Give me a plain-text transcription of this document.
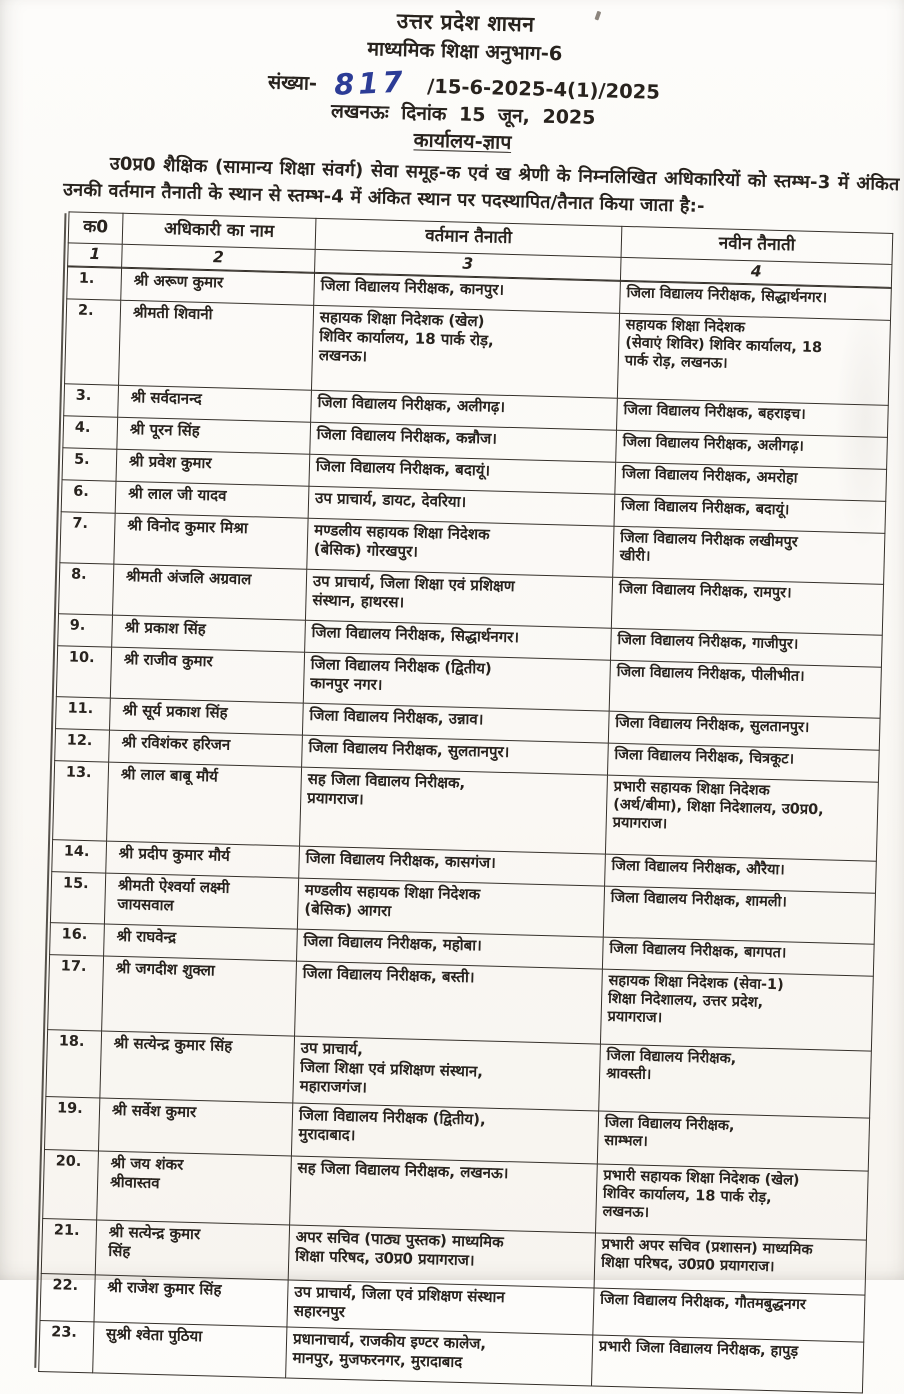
उत्तर प्रदेश शासन
माध्यमिक शिक्षा अनुभाग-6
संख्या- 817 /15-6-2025-4(1)/2025
लखनऊः दिनांक 15 जून, 2025
कार्यालय-ज्ञाप

उ0प्र0 शैक्षिक (सामान्य शिक्षा संवर्ग) सेवा समूह-क एवं ख श्रेणी के निम्नलिखित अधिकारियों को स्तम्भ-3 में अंकित उनकी वर्तमान तैनाती के स्थान से स्तम्भ-4 में अंकित स्थान पर पदस्थापित/तैनात किया जाता है:-

क0	अधिकारी का नाम	वर्तमान तैनाती	नवीन तैनाती
1	2	3	4
1.	श्री अरूण कुमार	जिला विद्यालय निरीक्षक, कानपुर।	जिला विद्यालय निरीक्षक, सिद्धार्थनगर।
2.	श्रीमती शिवानी	सहायक शिक्षा निदेशक (खेल)
शिविर कार्यालय, 18 पार्क रोड़,
लखनऊ।	सहायक शिक्षा निदेशक
(सेवाएं शिविर) शिविर कार्यालय, 18
पार्क रोड़, लखनऊ।
3.	श्री सर्वदानन्द	जिला विद्यालय निरीक्षक, अलीगढ़।	जिला विद्यालय निरीक्षक, बहराइच।
4.	श्री पूरन सिंह	जिला विद्यालय निरीक्षक, कन्नौज।	जिला विद्यालय निरीक्षक, अलीगढ़।
5.	श्री प्रवेश कुमार	जिला विद्यालय निरीक्षक, बदायूं।	जिला विद्यालय निरीक्षक, अमरोहा
6.	श्री लाल जी यादव	उप प्राचार्य, डायट, देवरिया।	जिला विद्यालय निरीक्षक, बदायूं।
7.	श्री विनोद कुमार मिश्रा	मण्डलीय सहायक शिक्षा निदेशक
(बेसिक) गोरखपुर।	जिला विद्यालय निरीक्षक लखीमपुर
खीरी।
8.	श्रीमती अंजलि अग्रवाल	उप प्राचार्य, जिला शिक्षा एवं प्रशिक्षण
संस्थान, हाथरस।	जिला विद्यालय निरीक्षक, रामपुर।
9.	श्री प्रकाश सिंह	जिला विद्यालय निरीक्षक, सिद्धार्थनगर।	जिला विद्यालय निरीक्षक, गाजीपुर।
10.	श्री राजीव कुमार	जिला विद्यालय निरीक्षक (द्वितीय)
कानपुर नगर।	जिला विद्यालय निरीक्षक, पीलीभीत।
11.	श्री सूर्य प्रकाश सिंह	जिला विद्यालय निरीक्षक, उन्नाव।	जिला विद्यालय निरीक्षक, सुलतानपुर।
12.	श्री रविशंकर हरिजन	जिला विद्यालय निरीक्षक, सुलतानपुर।	जिला विद्यालय निरीक्षक, चित्रकूट।
13.	श्री लाल बाबू मौर्य	सह जिला विद्यालय निरीक्षक,
प्रयागराज।	प्रभारी सहायक शिक्षा निदेशक
(अर्थ/बीमा), शिक्षा निदेशालय, उ0प्र0,
प्रयागराज।
14.	श्री प्रदीप कुमार मौर्य	जिला विद्यालय निरीक्षक, कासगंज।	जिला विद्यालय निरीक्षक, औरैया।
15.	श्रीमती ऐश्वर्या लक्ष्मी
जायसवाल	मण्डलीय सहायक शिक्षा निदेशक
(बेसिक) आगरा	जिला विद्यालय निरीक्षक, शामली।
16.	श्री राघवेन्द्र	जिला विद्यालय निरीक्षक, महोबा।	जिला विद्यालय निरीक्षक, बागपत।
17.	श्री जगदीश शुक्ला	जिला विद्यालय निरीक्षक, बस्ती।	सहायक शिक्षा निदेशक (सेवा-1)
शिक्षा निदेशालय, उत्तर प्रदेश,
प्रयागराज।
18.	श्री सत्येन्द्र कुमार सिंह	उप प्राचार्य,
जिला शिक्षा एवं प्रशिक्षण संस्थान,
महाराजगंज।	जिला विद्यालय निरीक्षक,
श्रावस्ती।
19.	श्री सर्वेश कुमार	जिला विद्यालय निरीक्षक (द्वितीय),
मुरादाबाद।	जिला विद्यालय निरीक्षक,
साम्भल।
20.	श्री जय शंकर
श्रीवास्तव	सह जिला विद्यालय निरीक्षक, लखनऊ।	प्रभारी सहायक शिक्षा निदेशक (खेल)
शिविर कार्यालय, 18 पार्क रोड़,
लखनऊ।
21.	श्री सत्येन्द्र कुमार
सिंह	अपर सचिव (पाठ्य पुस्तक) माध्यमिक
शिक्षा परिषद, उ0प्र0 प्रयागराज।	प्रभारी अपर सचिव (प्रशासन) माध्यमिक
शिक्षा परिषद, उ0प्र0 प्रयागराज।
22.	श्री राजेश कुमार सिंह	उप प्राचार्य, जिला एवं प्रशिक्षण संस्थान
सहारनपुर	जिला विद्यालय निरीक्षक, गौतमबुद्धनगर
23.	सुश्री श्वेता पुठिया	प्रधानाचार्य, राजकीय इण्टर कालेज,
मानपुर, मुजफरनगर, मुरादाबाद	प्रभारी जिला विद्यालय निरीक्षक, हापुड़
